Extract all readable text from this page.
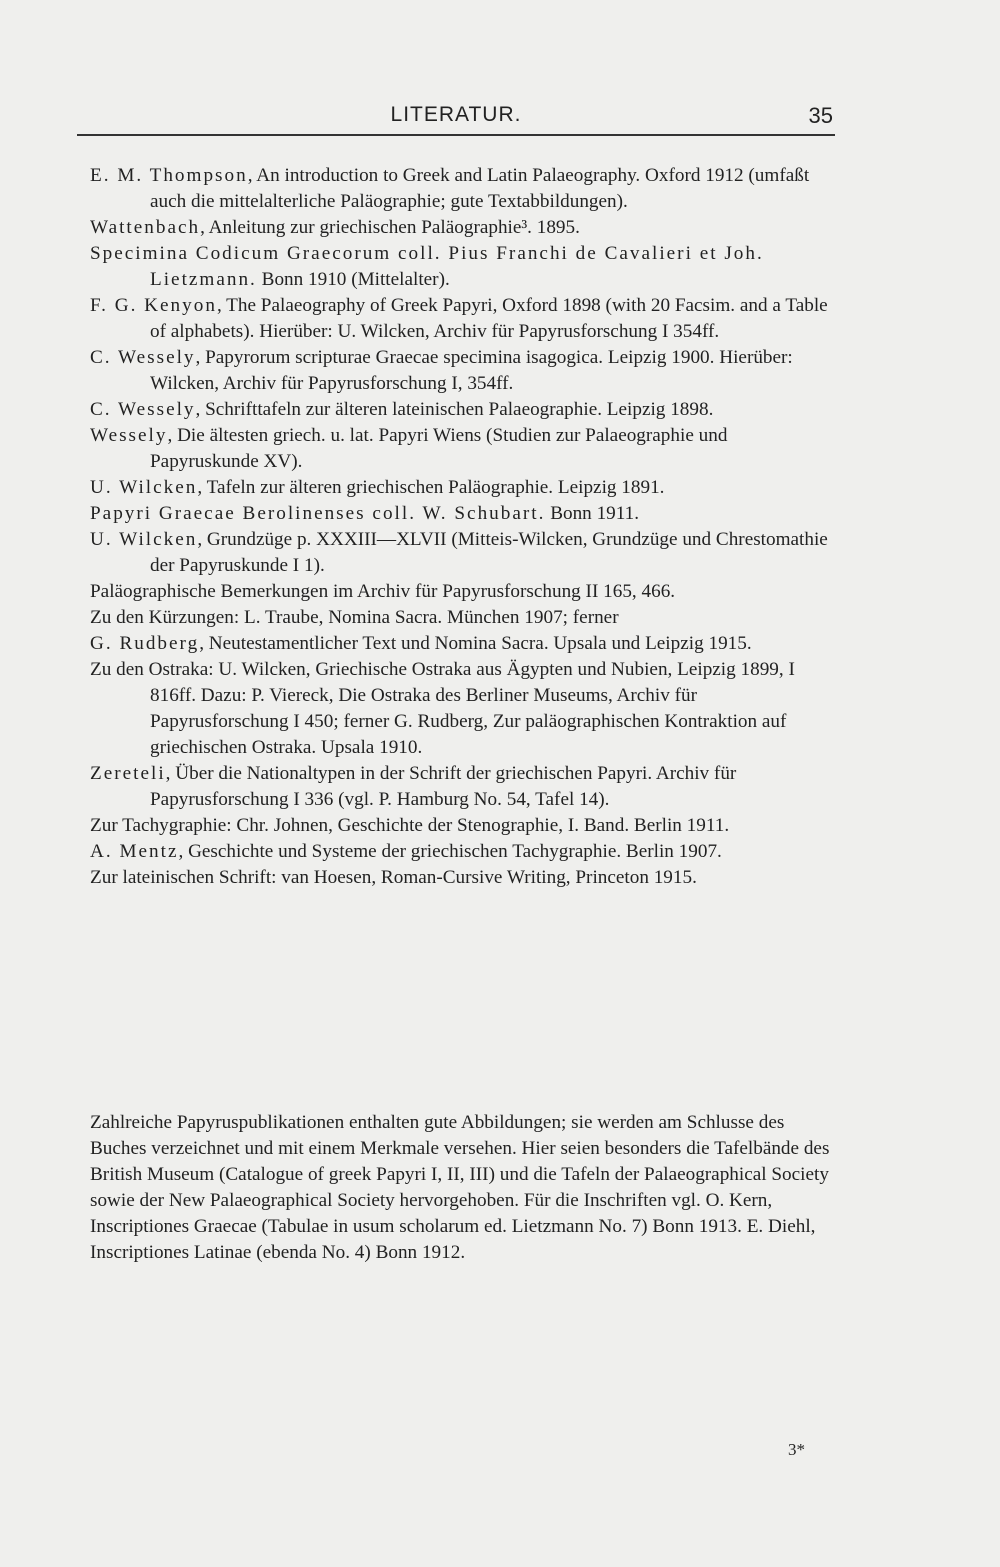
LITERATUR.	35
E. M. Thompson, An introduction to Greek and Latin Palaeography. Oxford 1912 (umfaßt auch die mittelalterliche Paläographie; gute Textabbildungen).
Wattenbach, Anleitung zur griechischen Paläographie³. 1895.
Specimina Codicum Graecorum coll. Pius Franchi de Cavalieri et Joh. Lietzmann. Bonn 1910 (Mittelalter).
F. G. Kenyon, The Palaeography of Greek Papyri, Oxford 1898 (with 20 Facsim. and a Table of alphabets). Hierüber: U. Wilcken, Archiv für Papyrusforschung I 354ff.
C. Wessely, Papyrorum scripturae Graecae specimina isagogica. Leipzig 1900. Hierüber: Wilcken, Archiv für Papyrusforschung I, 354ff.
C. Wessely, Schrifttafeln zur älteren lateinischen Palaeographie. Leipzig 1898.
Wessely, Die ältesten griech. u. lat. Papyri Wiens (Studien zur Palaeographie und Papyruskunde XV).
U. Wilcken, Tafeln zur älteren griechischen Paläographie. Leipzig 1891.
Papyri Graecae Berolinenses coll. W. Schubart. Bonn 1911.
U. Wilcken, Grundzüge p. XXXIII—XLVII (Mitteis-Wilcken, Grundzüge und Chrestomathie der Papyruskunde I 1).
Paläographische Bemerkungen im Archiv für Papyrusforschung II 165, 466.
Zu den Kürzungen: L. Traube, Nomina Sacra. München 1907; ferner
G. Rudberg, Neutestamentlicher Text und Nomina Sacra. Upsala und Leipzig 1915.
Zu den Ostraka: U. Wilcken, Griechische Ostraka aus Ägypten und Nubien, Leipzig 1899, I 816ff. Dazu: P. Viereck, Die Ostraka des Berliner Museums, Archiv für Papyrusforschung I 450; ferner G. Rudberg, Zur paläographischen Kontraktion auf griechischen Ostraka. Upsala 1910.
Zereteli, Über die Nationaltypen in der Schrift der griechischen Papyri. Archiv für Papyrusforschung I 336 (vgl. P. Hamburg No. 54, Tafel 14).
Zur Tachygraphie: Chr. Johnen, Geschichte der Stenographie, I. Band. Berlin 1911.
A. Mentz, Geschichte und Systeme der griechischen Tachygraphie. Berlin 1907.
Zur lateinischen Schrift: van Hoesen, Roman-Cursive Writing, Princeton 1915.

Zahlreiche Papyruspublikationen enthalten gute Abbildungen; sie werden am Schlusse des Buches verzeichnet und mit einem Merkmale versehen. Hier seien besonders die Tafelbände des British Museum (Catalogue of greek Papyri I, II, III) und die Tafeln der Palaeographical Society sowie der New Palaeographical Society hervorgehoben. Für die Inschriften vgl. O. Kern, Inscriptiones Graecae (Tabulae in usum scholarum ed. Lietzmann No. 7) Bonn 1913. E. Diehl, Inscriptiones Latinae (ebenda No. 4) Bonn 1912.

3*
